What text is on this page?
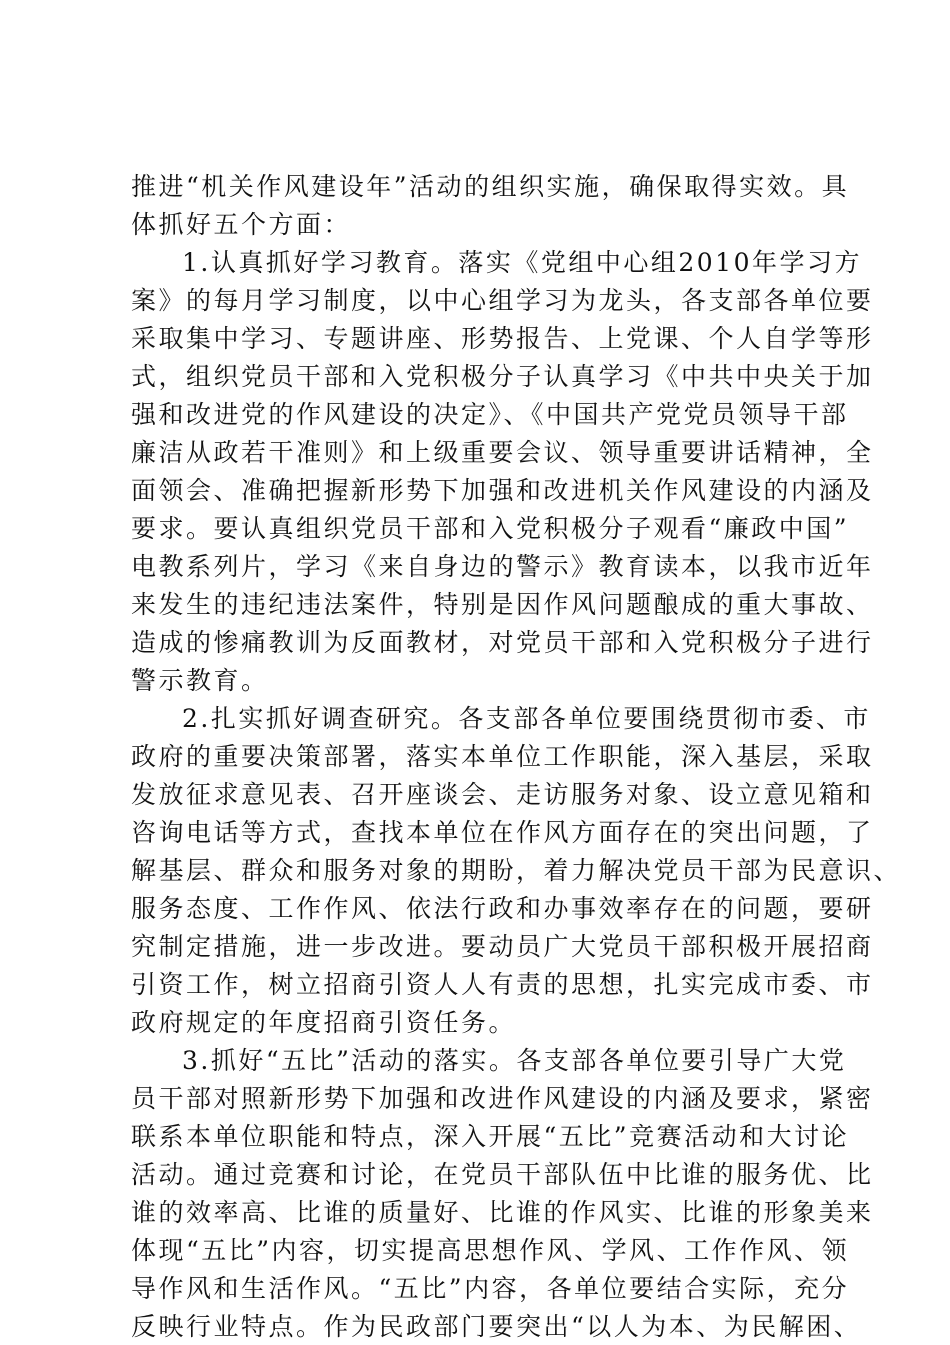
推进“机关作风建设年”活动的组织实施，确保取得实效。具
体抓好五个方面：
1.认真抓好学习教育。落实《党组中心组2010年学习方
案》的每月学习制度，以中心组学习为龙头，各支部各单位要
采取集中学习、专题讲座、形势报告、上党课、个人自学等形
式，组织党员干部和入党积极分子认真学习《中共中央关于加
强和改进党的作风建设的决定》、《中国共产党党员领导干部
廉洁从政若干准则》和上级重要会议、领导重要讲话精神，全
面领会、准确把握新形势下加强和改进机关作风建设的内涵及
要求。要认真组织党员干部和入党积极分子观看“廉政中国”
电教系列片，学习《来自身边的警示》教育读本，以我市近年
来发生的违纪违法案件，特别是因作风问题酿成的重大事故、
造成的惨痛教训为反面教材，对党员干部和入党积极分子进行
警示教育。
2.扎实抓好调查研究。各支部各单位要围绕贯彻市委、市
政府的重要决策部署，落实本单位工作职能，深入基层，采取
发放征求意见表、召开座谈会、走访服务对象、设立意见箱和
咨询电话等方式，查找本单位在作风方面存在的突出问题，了
解基层、群众和服务对象的期盼，着力解决党员干部为民意识、
服务态度、工作作风、依法行政和办事效率存在的问题，要研
究制定措施，进一步改进。要动员广大党员干部积极开展招商
引资工作，树立招商引资人人有责的思想，扎实完成市委、市
政府规定的年度招商引资任务。
3.抓好“五比”活动的落实。各支部各单位要引导广大党
员干部对照新形势下加强和改进作风建设的内涵及要求，紧密
联系本单位职能和特点，深入开展“五比”竞赛活动和大讨论
活动。通过竞赛和讨论，在党员干部队伍中比谁的服务优、比
谁的效率高、比谁的质量好、比谁的作风实、比谁的形象美来
体现“五比”内容，切实提高思想作风、学风、工作作风、领
导作风和生活作风。“五比”内容，各单位要结合实际，充分
反映行业特点。作为民政部门要突出“以人为本、为民解困、
